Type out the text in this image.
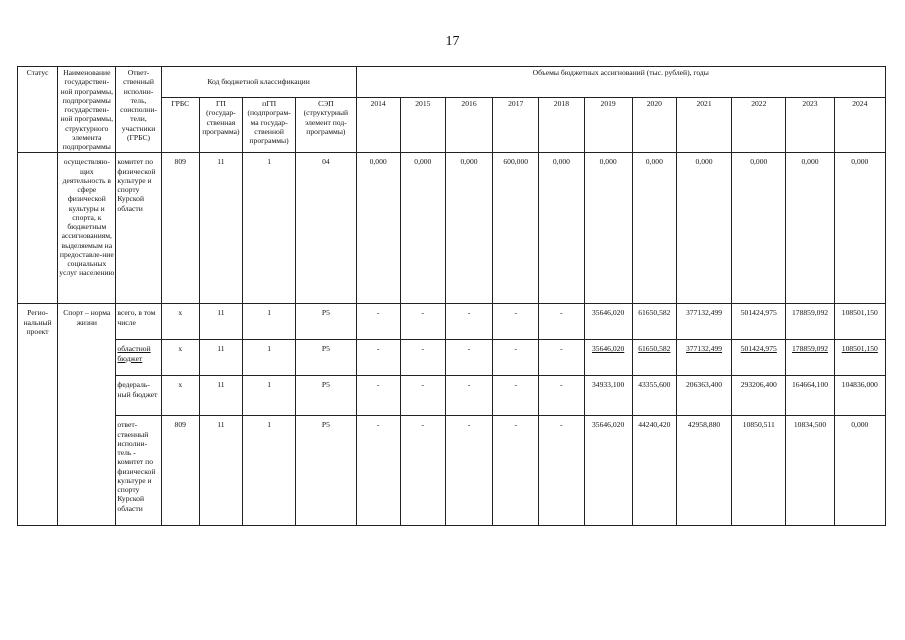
17
Статус	Наименование государствен-ной программы, подпрограммы государствен-ной программы, структурного элемента подпрограммы	Ответ-ственный исполни-тель, соисполни-тели, участники (ГРБС)	Код бюджетной классификации				Объемы бюджетных ассигнований (тыс. рублей), годы										
			ГРБС	ГП (государ-ственная программа)	пГП (подпрограм-ма государ-ственной программы)	СЭП (структурный элемент под-программы)	2014	2015	2016	2017	2018	2019	2020	2021	2022	2023	2024
	осуществляю-щих деятельность в сфере физической культуры и спорта, к бюджетным ассигнованиям, выделяемым на предоставле-ние социальных услуг населению	комитет по физической культуре и спорту Курской области	809	11	1	04	0,000	0,000	0,000	600,000	0,000	0,000	0,000	0,000	0,000	0,000	0,000
Регио-нальный проект	Спорт – норма жизни	всего, в том числе	х	11	1	Р5	-	-	-	-	-	35646,020	61650,582	377132,499	501424,975	178859,092	108501,150
		областной бюджет	х	11	1	Р5	-	-	-	-	-	35646,020	61650,582	377132,499	501424,975	178859,092	108501,150
		федераль-ный бюджет	х	11	1	Р5	-	-	-	-	-	34933,100	43355,600	206363,400	293206,400	164664,100	104836,000
		ответ-ственный исполни-тель - комитет по физической культуре и спорту Курской области	809	11	1	Р5	-	-	-	-	-	35646,020	44240,420	42958,880	10850,511	10834,500	0,000
